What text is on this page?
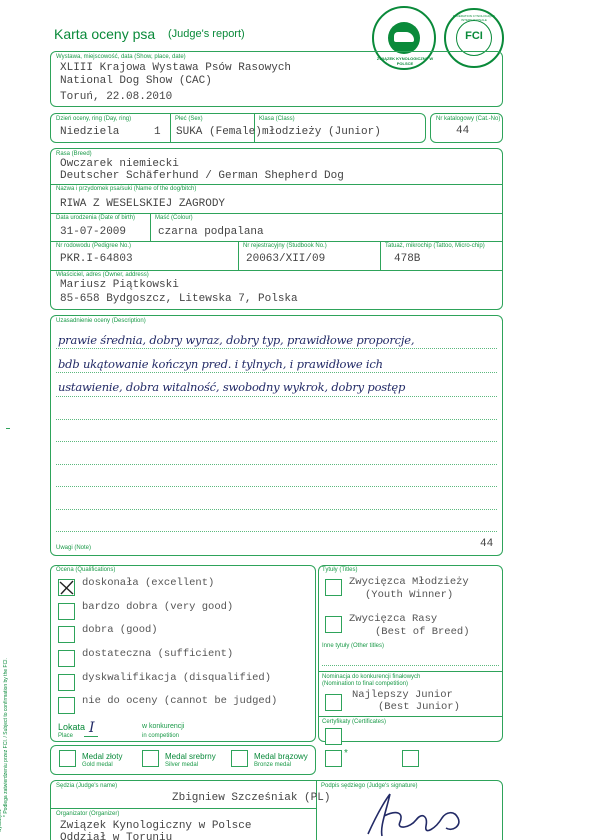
Karta oceny psa (Judge's report)
ZWIĄZEK KYNOLOGICZNY W POLSCE
FCI
FÉDÉRATION CYNOLOGIQUE INTERNATIONALE
Wystawa, miejscowość, data (Show, place, date)
XLIII Krajowa Wystawa Psów Rasowych
National Dog Show (CAC)
Toruń, 22.08.2010
Dzień oceny, ring (Day, ring)
Niedziela	1
Płeć (Sex)
SUKA (Female)
Klasa (Class)
młodzieży (Junior)
Nr katalogowy (Cat.-No)
44
Rasa (Breed)
Owczarek niemiecki
Deutscher Schäferhund / German Shepherd Dog
Nazwa i przydomek psa/suki (Name of the dog/bitch)
RIWA Z WESELSKIEJ ZAGRODY
Data urodzenia (Date of birth)
31-07-2009
Maść (Colour)
czarna podpalana
Nr rodowodu (Pedigree No.)
PKR.I-64803
Nr rejestracyjny (Studbook No.)
20063/XII/09
Tatuaż, mikrochip (Tattoo, Micro-chip)
478B
Właściciel, adres (Owner, address)
Mariusz Piątkowski
85-658 Bydgoszcz, Litewska 7, Polska
Uzasadnienie oceny (Description)
prawie średnia, dobry wyraz, dobry typ, prawidłowe proporcje,
bdb ukątowanie kończyn pred. i tylnych, i prawidłowe ich
ustawienie, dobra witalność, swobodny wykrok, dobry postęp
Uwagi (Note)	44
Ocena (Qualifications)
doskonała (excellent)
bardzo dobra (very good)
dobra (good)
dostateczna (sufficient)
dyskwalifikacja (disqualified)
nie do oceny (cannot be judged)
Lokata
Place I	w konkurencji
in competition
Tytuły (Titles)
Zwycięzca Młodzieży
(Youth Winner)
Zwycięzca Rasy
(Best of Breed)
Inne tytuły (Other titles)
Nominacja do konkurencji finałowych
(Nomination to final competition)
Najlepszy Junior
(Best Junior)
Certyfikaty (Certificates)
Medal złoty
Gold medal
Medal srebrny
Silver medal
Medal brązowy
Bronze medal
*
Sędzia (Judge's name)
Zbigniew Szcześniak (PL)
Podpis sędziego (Judge's signature)
Organizator (Organizer)
Związek Kynologiczny w Polsce
Oddział w Toruniu
* Podlega zatwierdzeniu przez FCI. / Subject to confirmation by the FCI.
